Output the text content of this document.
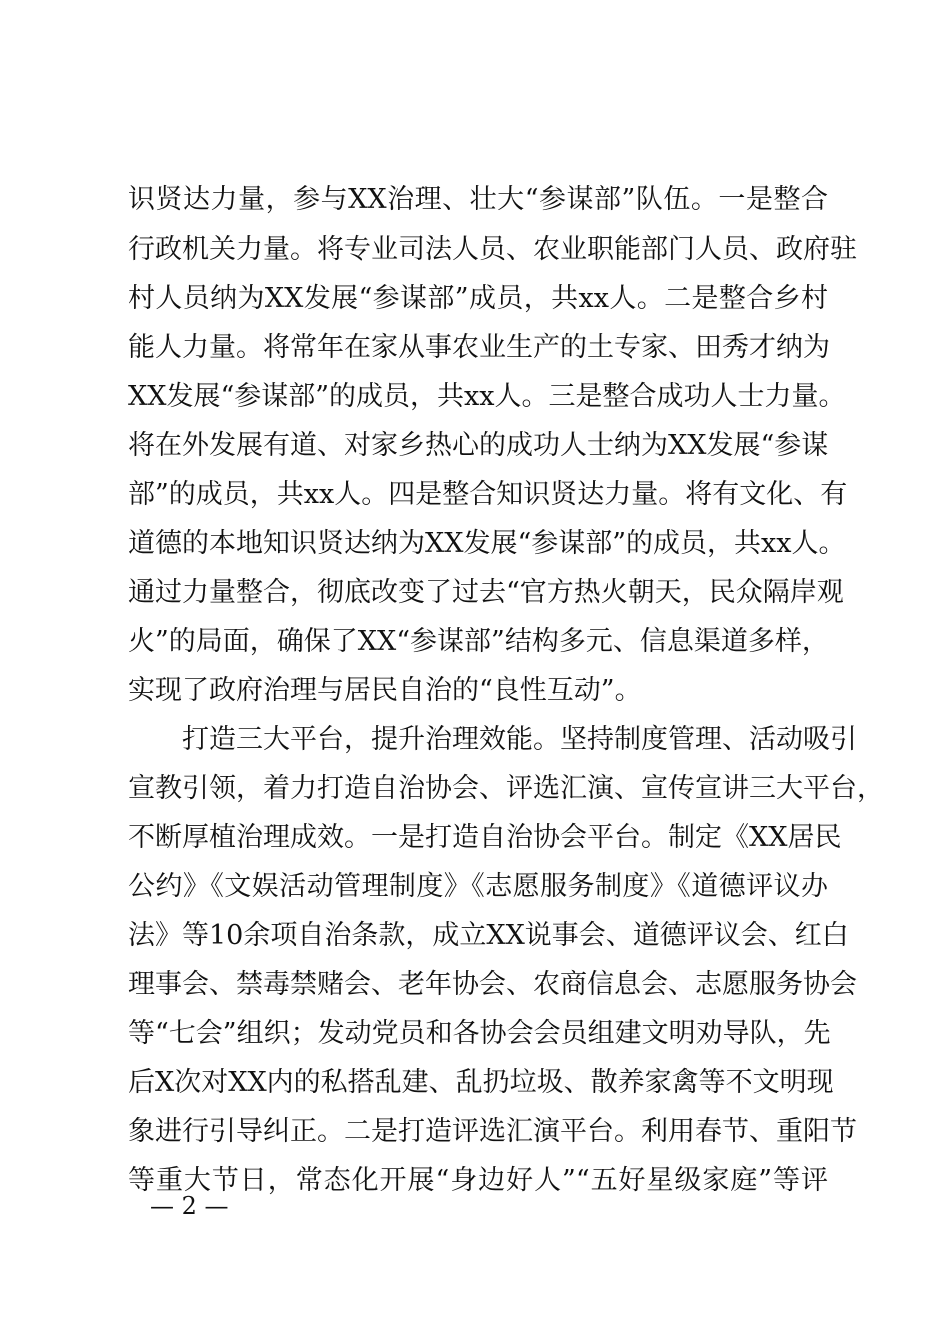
识贤达力量，参与XX治理、壮大“参谋部”队伍。一是整合
行政机关力量。将专业司法人员、农业职能部门人员、政府驻
村人员纳为XX发展“参谋部”成员，共xx人。二是整合乡村
能人力量。将常年在家从事农业生产的土专家、田秀才纳为
XX发展“参谋部”的成员，共xx人。三是整合成功人士力量。
将在外发展有道、对家乡热心的成功人士纳为XX发展“参谋
部”的成员，共xx人。四是整合知识贤达力量。将有文化、有
道德的本地知识贤达纳为XX发展“参谋部”的成员，共xx人。
通过力量整合，彻底改变了过去“官方热火朝天，民众隔岸观
火”的局面，确保了XX“参谋部”结构多元、信息渠道多样，
实现了政府治理与居民自治的“良性互动”。
打造三大平台，提升治理效能。坚持制度管理、活动吸引
宣教引领，着力打造自治协会、评选汇演、宣传宣讲三大平台，
不断厚植治理成效。一是打造自治协会平台。制定《XX居民
公约》《文娱活动管理制度》《志愿服务制度》《道德评议办
法》等10余项自治条款，成立XX说事会、道德评议会、红白
理事会、禁毒禁赌会、老年协会、农商信息会、志愿服务协会
等“七会”组织；发动党员和各协会会员组建文明劝导队，先
后X次对XX内的私搭乱建、乱扔垃圾、散养家禽等不文明现
象进行引导纠正。二是打造评选汇演平台。利用春节、重阳节
等重大节日，常态化开展“身边好人”“五好星级家庭”等评
— 2 —
